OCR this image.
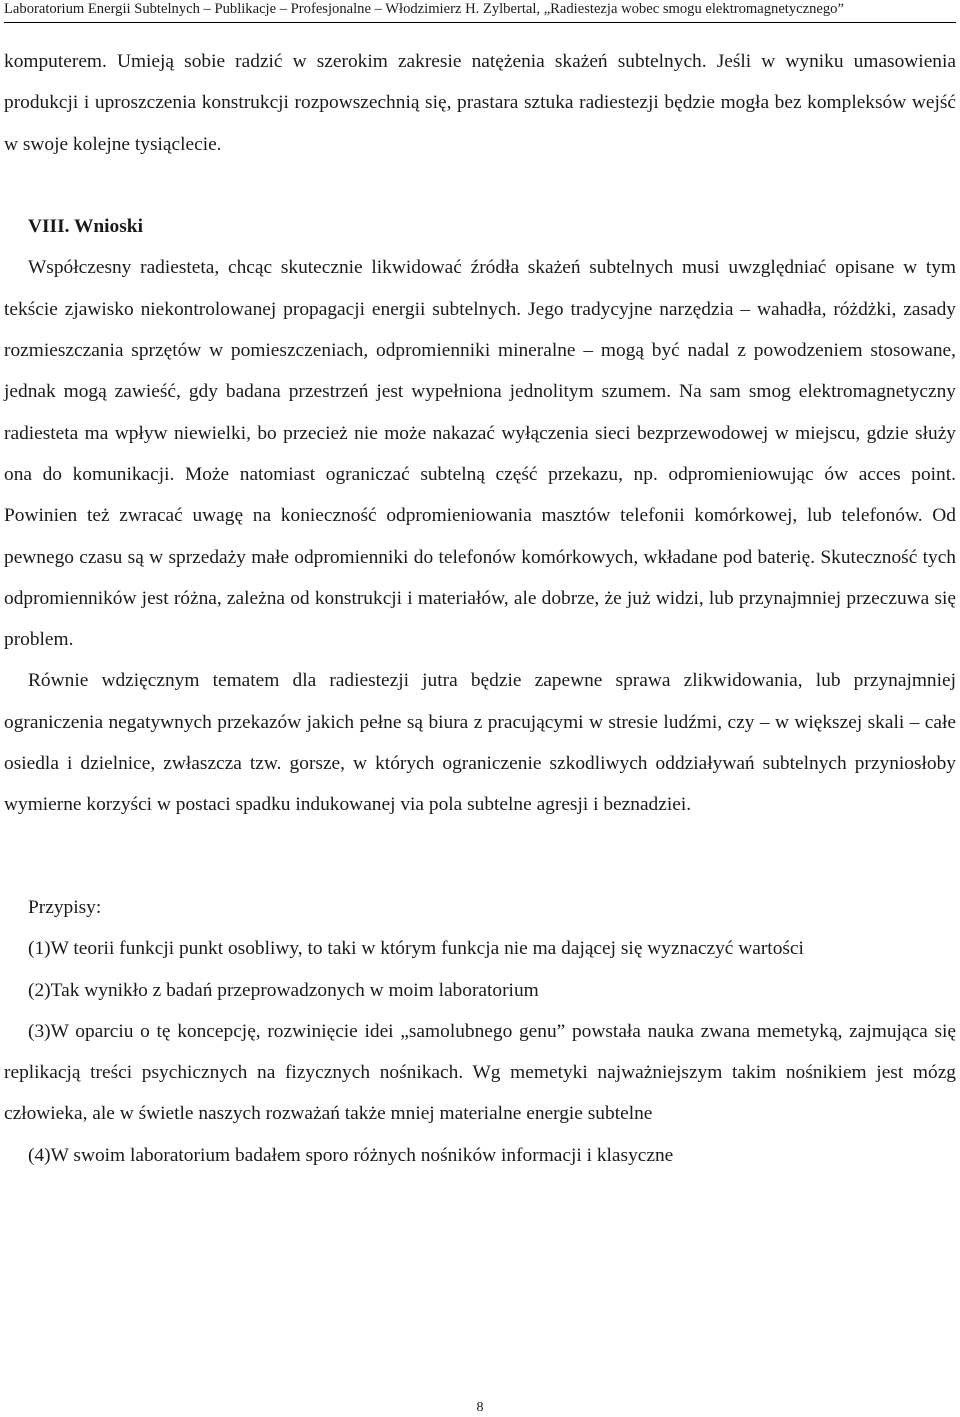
Laboratorium Energii Subtelnych – Publikacje – Profesjonalne – Włodzimierz H. Zylbertal, „Radiestezja wobec smogu elektromagnetycznego”

komputerem. Umieją sobie radzić w szerokim zakresie natężenia skażeń subtelnych. Jeśli w wyniku umasowienia produkcji i uproszczenia konstrukcji rozpowszechnią się, prastara sztuka radiestezji będzie mogła bez kompleksów wejść w swoje kolejne tysiąclecie.

VIII. Wnioski

Współczesny radiesteta, chcąc skutecznie likwidować źródła skażeń subtelnych musi uwzględniać opisane w tym tekście zjawisko niekontrolowanej propagacji energii subtelnych. Jego tradycyjne narzędzia – wahadła, różdżki, zasady rozmieszczania sprzętów w pomieszczeniach, odpromienniki mineralne – mogą być nadal z powodzeniem stosowane, jednak mogą zawieść, gdy badana przestrzeń jest wypełniona jednolitym szumem. Na sam smog elektromagnetyczny radiesteta ma wpływ niewielki, bo przecież nie może nakazać wyłączenia sieci bezprzewodowej w miejscu, gdzie służy ona do komunikacji. Może natomiast ograniczać subtelną część przekazu, np. odpromieniowując ów acces point. Powinien też zwracać uwagę na konieczność odpromieniowania masztów telefonii komórkowej, lub telefonów. Od pewnego czasu są w sprzedaży małe odpromienniki do telefonów komórkowych, wkładane pod baterię. Skuteczność tych odpromienników jest różna, zależna od konstrukcji i materiałów, ale dobrze, że już widzi, lub przynajmniej przeczuwa się problem.

Równie wdzięcznym tematem dla radiestezji jutra będzie zapewne sprawa zlikwidowania, lub przynajmniej ograniczenia negatywnych przekazów jakich pełne są biura z pracującymi w stresie ludźmi, czy – w większej skali – całe osiedla i dzielnice, zwłaszcza tzw. gorsze, w których ograniczenie szkodliwych oddziaływań subtelnych przyniosłoby wymierne korzyści w postaci spadku indukowanej via pola subtelne agresji i beznadziei.

Przypisy:

(1)W teorii funkcji punkt osobliwy, to taki w którym funkcja nie ma dającej się wyznaczyć wartości

(2)Tak wynikło z badań przeprowadzonych w moim laboratorium

(3)W oparciu o tę koncepcję, rozwinięcie idei „samolubnego genu” powstała nauka zwana memetyką, zajmująca się replikacją treści psychicznych na fizycznych nośnikach. Wg memetyki najważniejszym takim nośnikiem jest mózg człowieka, ale w świetle naszych rozważań także mniej materialne energie subtelne

(4)W swoim laboratorium badałem sporo różnych nośników informacji i klasyczne

8
